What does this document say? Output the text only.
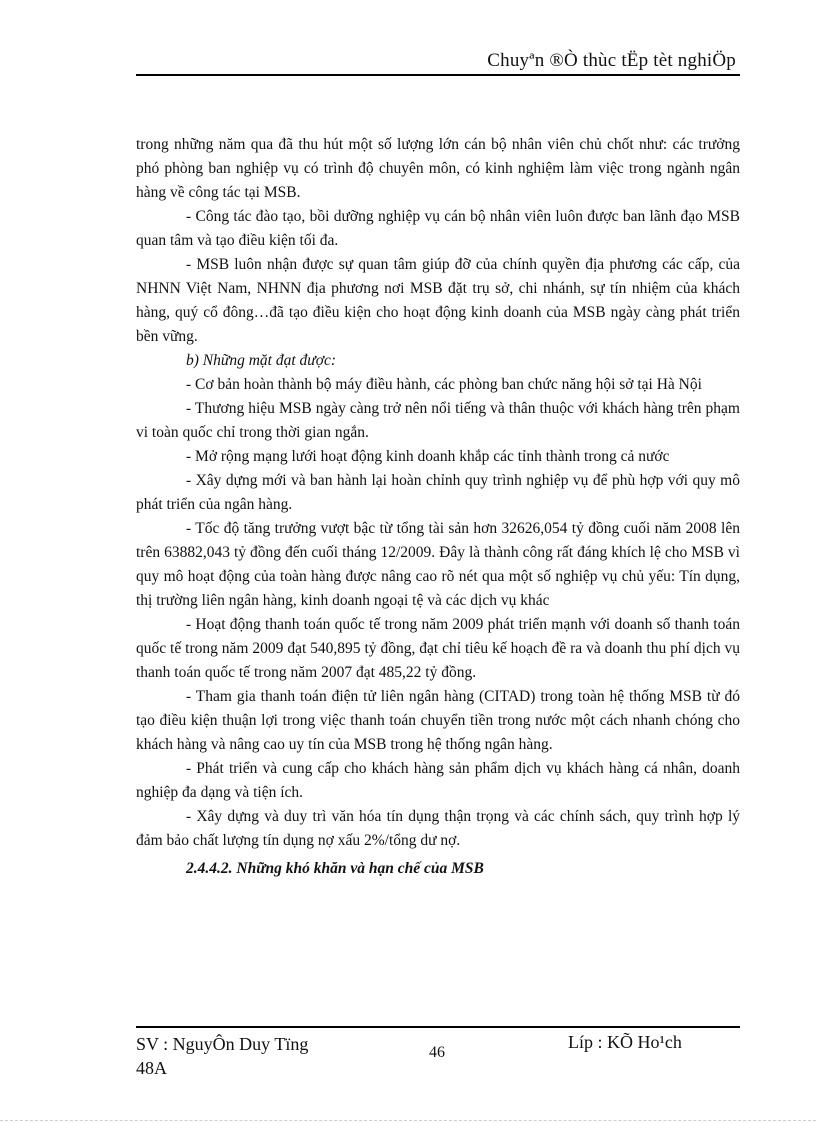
Chuyªn ®Ò thùc tËp tèt nghiÖp

trong những năm qua đã thu hút một số lượng lớn cán bộ nhân viên chủ chốt như: các trưởng phó phòng ban nghiệp vụ có trình độ chuyên môn, có kinh nghiệm làm việc trong ngành ngân hàng về công tác tại MSB.

- Công tác đào tạo, bồi dưỡng nghiệp vụ cán bộ nhân viên luôn được ban lãnh đạo MSB quan tâm và tạo điều kiện tối đa.

- MSB luôn nhận được sự quan tâm giúp đỡ của chính quyền địa phương các cấp, của NHNN Việt Nam, NHNN địa phương nơi MSB đặt trụ sở, chi nhánh, sự tín nhiệm của khách hàng, quý cổ đông…đã tạo điều kiện cho hoạt động kinh doanh của MSB ngày càng phát triển bền vững.

b) Những mặt đạt được:

- Cơ bản hoàn thành bộ máy điều hành, các phòng ban chức năng hội sở tại Hà Nội

- Thương hiệu MSB ngày càng trở nên nổi tiếng và thân thuộc với khách hàng trên phạm vi toàn quốc chỉ trong thời gian ngắn.

- Mở rộng mạng lưới hoạt động kinh doanh khắp các tỉnh thành trong cả nước

- Xây dựng mới và ban hành lại hoàn chỉnh quy trình nghiệp vụ để phù hợp với quy mô phát triển của ngân hàng.

- Tốc độ tăng trưởng vượt bậc từ tổng tài sản hơn 32626,054 tỷ đồng cuối năm 2008 lên trên 63882,043 tỷ đồng đến cuối tháng 12/2009. Đây là thành công rất đáng khích lệ cho MSB vì quy mô hoạt động của toàn hàng được nâng cao rõ nét qua một số nghiệp vụ chủ yếu: Tín dụng, thị trường liên ngân hàng, kinh doanh ngoại tệ và các dịch vụ khác

- Hoạt động thanh toán quốc tế trong năm 2009 phát triển mạnh với doanh số thanh toán quốc tế trong năm 2009 đạt 540,895 tỷ đồng, đạt chỉ tiêu kế hoạch đề ra và doanh thu phí dịch vụ thanh toán quốc tế trong năm 2007 đạt 485,22 tỷ đồng.

- Tham gia thanh toán điện tử liên ngân hàng (CITAD) trong toàn hệ thống MSB từ đó tạo điều kiện thuận lợi trong việc thanh toán chuyển tiền trong nước một cách nhanh chóng cho khách hàng và nâng cao uy tín của MSB trong hệ thống ngân hàng.

- Phát triển và cung cấp cho khách hàng sản phẩm dịch vụ khách hàng cá nhân, doanh nghiệp đa dạng và tiện ích.

- Xây dựng và duy trì văn hóa tín dụng thận trọng và các chính sách, quy trình hợp lý đảm bảo chất lượng tín dụng nợ xấu 2%/tổng dư nợ.

2.4.4.2. Những khó khăn và hạn chế của MSB

SV : NguyÔn Duy Tïng
48A
46
Líp : KÕ Ho¹ch
